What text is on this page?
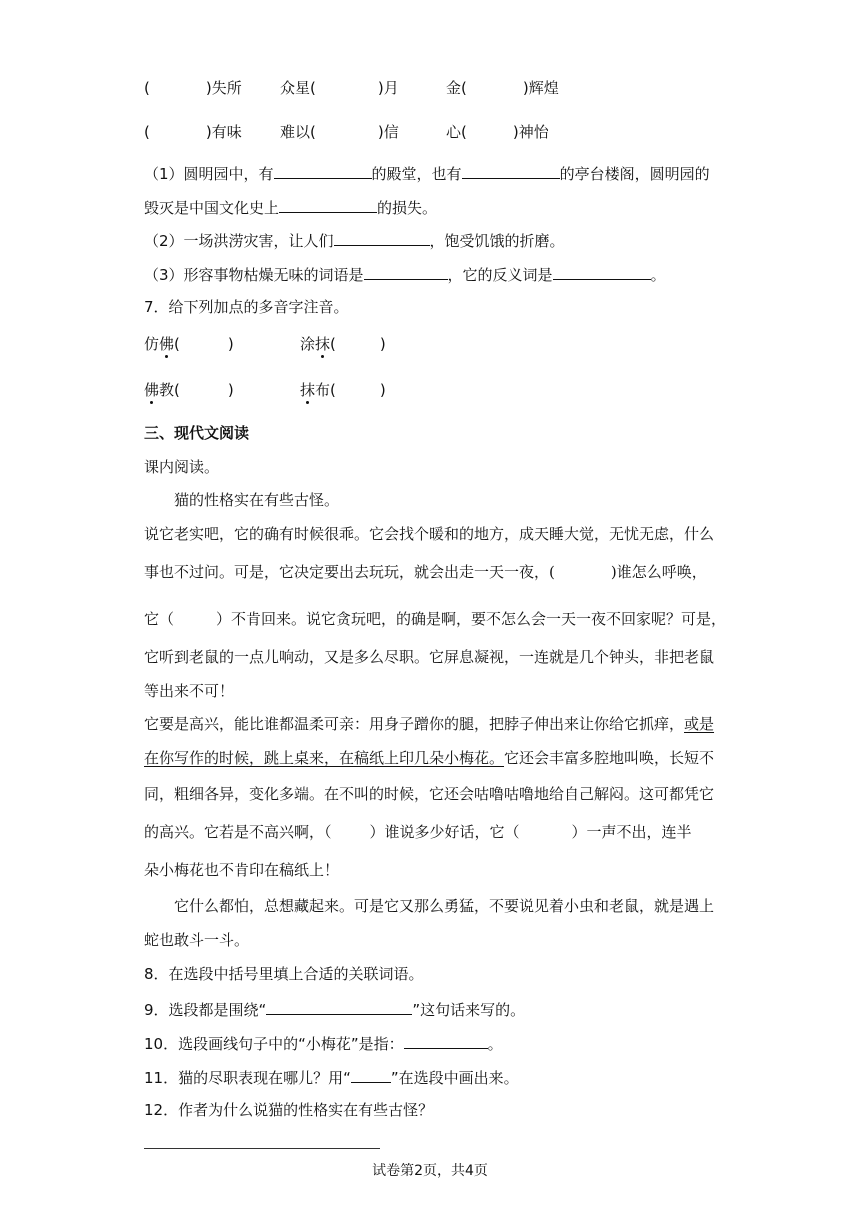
(	)失所	众星(	)月	金(	)辉煌
(	)有味	难以(	)信	心(	)神怡
（1）圆明园中，有	的殿堂，也有	的亭台楼阁，圆明园的
毁灭是中国文化史上	的损失。
（2）一场洪涝灾害，让人们	，饱受饥饿的折磨。
（3）形容事物枯燥无味的词语是	，它的反义词是	。
7．给下列加点的多音字注音。
仿佛(	)	涂抹(	)
佛教(	)	抹布(	)
三、现代文阅读
课内阅读。
猫的性格实在有些古怪。
说它老实吧，它的确有时候很乖。它会找个暖和的地方，成天睡大觉，无忧无虑，什么
事也不过问。可是，它决定要出去玩玩，就会出走一天一夜，(	)谁怎么呼唤，
它（	）不肯回来。说它贪玩吧，的确是啊，要不怎么会一天一夜不回家呢？可是，
它听到老鼠的一点儿响动，又是多么尽职。它屏息凝视，一连就是几个钟头，非把老鼠
等出来不可！
它要是高兴，能比谁都温柔可亲：用身子蹭你的腿，把脖子伸出来让你给它抓痒，或是
在你写作的时候，跳上桌来，在稿纸上印几朵小梅花。它还会丰富多腔地叫唤，长短不
同，粗细各异，变化多端。在不叫的时候，它还会咕噜咕噜地给自己解闷。这可都凭它
的高兴。它若是不高兴啊，（	）谁说多少好话，它（	）一声不出，连半
朵小梅花也不肯印在稿纸上！
它什么都怕，总想藏起来。可是它又那么勇猛，不要说见着小虫和老鼠，就是遇上
蛇也敢斗一斗。
8．在选段中括号里填上合适的关联词语。
9．选段都是围绕“	”这句话来写的。
10．选段画线句子中的“小梅花”是指：	。
11．猫的尽职表现在哪儿？用“	”在选段中画出来。
12．作者为什么说猫的性格实在有些古怪？
试卷第2页，共4页
